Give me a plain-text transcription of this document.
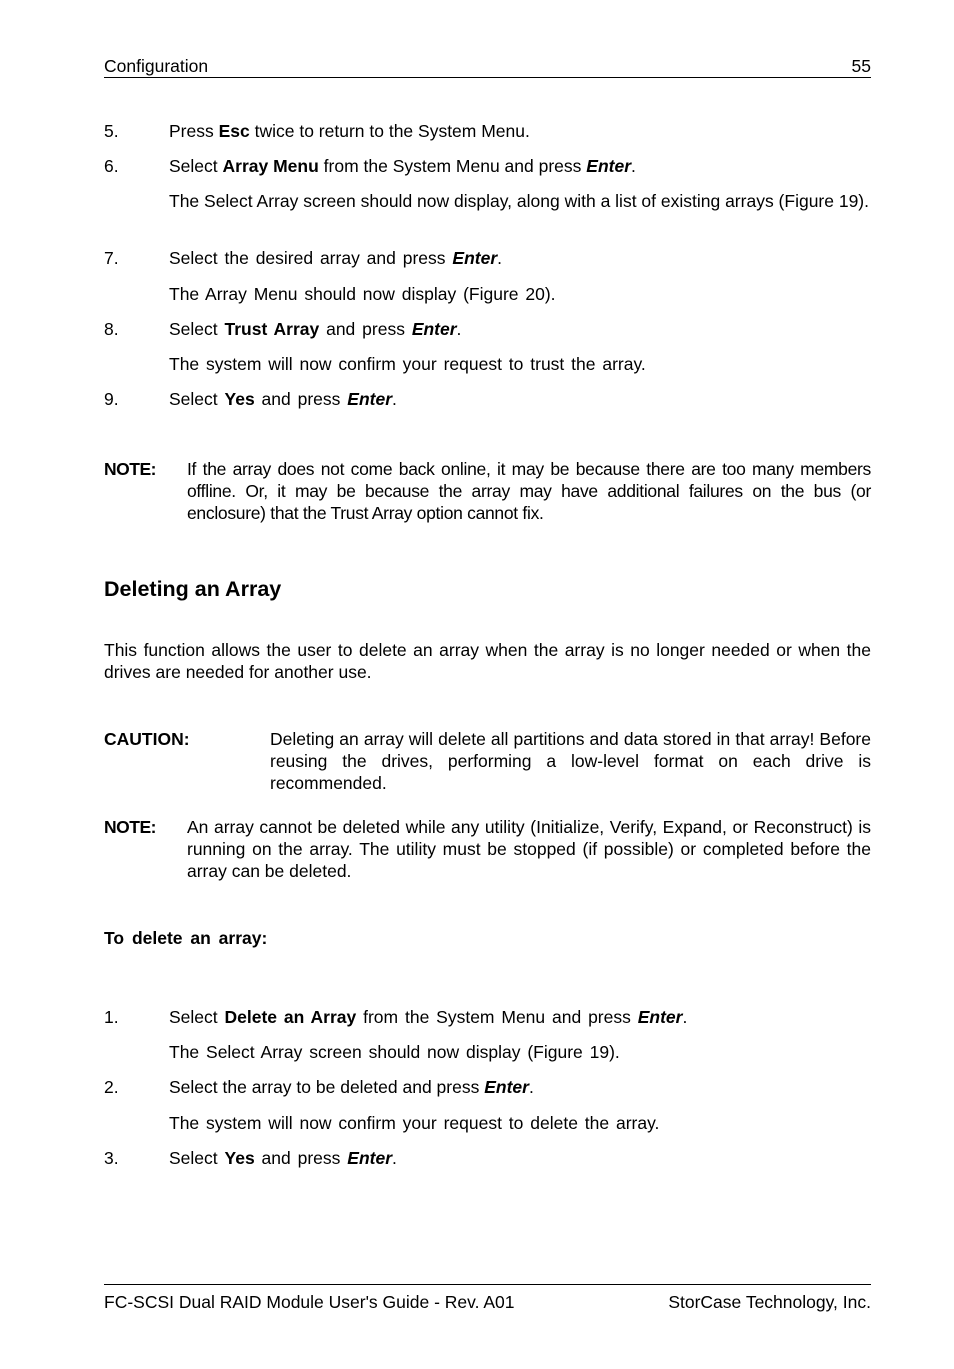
Configuration	55
5.	Press Esc twice to return to the System Menu.
6.	Select Array Menu from the System Menu and press Enter.
The Select Array screen should now display, along with a list of existing arrays (Figure 19).
7.	Select the desired array and press Enter.
The Array Menu should now display (Figure 20).
8.	Select Trust Array and press Enter.
The system will now confirm your request to trust the array.
9.	Select Yes and press Enter.
NOTE: If the array does not come back online, it may be because there are too many members offline. Or, it may be because the array may have additional failures on the bus (or enclosure) that the Trust Array option cannot fix.
Deleting an Array
This function allows the user to delete an array when the array is no longer needed or when the drives are needed for another use.
CAUTION:	Deleting an array will delete all partitions and data stored in that array! Before reusing the drives, performing a low-level format on each drive is recommended.
NOTE: An array cannot be deleted while any utility (Initialize, Verify, Expand, or Reconstruct) is running on the array. The utility must be stopped (if possible) or completed before the array can be deleted.
To delete an array:
1.	Select Delete an Array from the System Menu and press Enter.
The Select Array screen should now display (Figure 19).
2.	Select the array to be deleted and press Enter.
The system will now confirm your request to delete the array.
3.	Select Yes and press Enter.
FC-SCSI Dual RAID Module User's Guide - Rev. A01	StorCase Technology, Inc.
